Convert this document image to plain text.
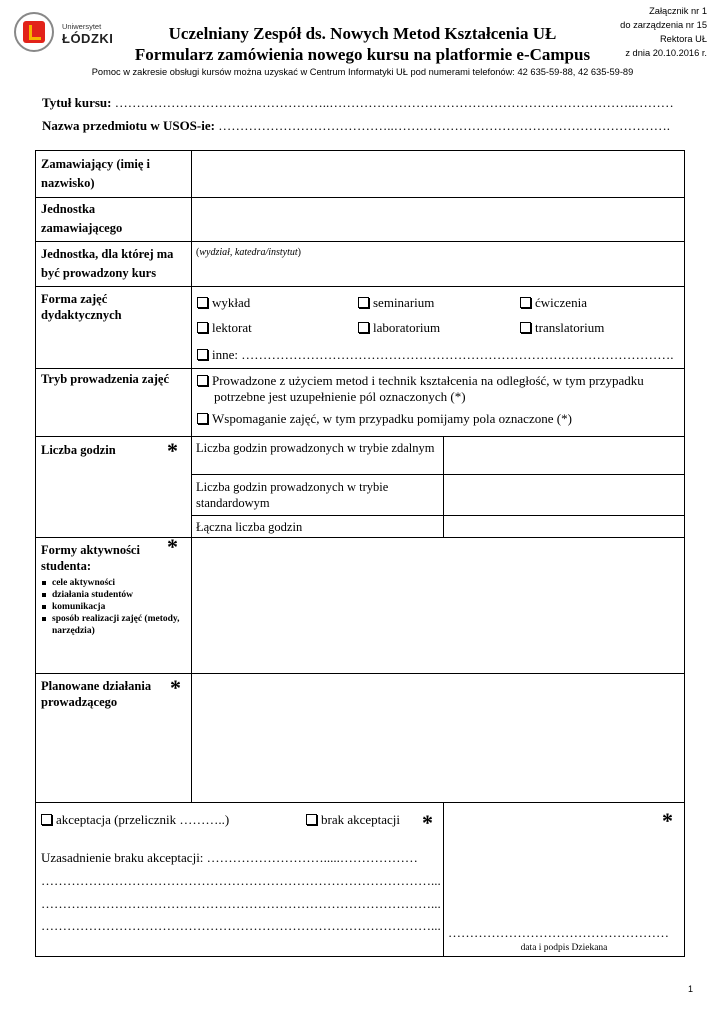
Uniwersytet
ŁÓDZKI
Załącznik nr 1
do zarządzenia nr 15
Rektora UŁ
z dnia 20.10.2016 r.
Uczelniany Zespół ds. Nowych Metod Kształcenia UŁ
Formularz zamówienia nowego kursu na platformie e-Campus
Pomoc w zakresie obsługi kursów można uzyskać w Centrum Informatyki UŁ pod numerami telefonów: 42 635-59-88, 42 635-59-89
Tytuł kursu: …………………………………………..……………………………………………………………..………
Nazwa przedmiotu w USOS-ie: …………………………………..……………………………………………………….
Zamawiający (imię i nazwisko)
Jednostka zamawiającego
Jednostka, dla której ma być prowadzony kurs
(wydział, katedra/instytut)
Forma zajęć dydaktycznych
wykład	seminarium	ćwiczenia
lektorat	laboratorium	translatorium
inne: ……………………………………………………………………………………….
Tryb prowadzenia zajęć	Prowadzone z użyciem metod i technik kształcenia na odległość, w tym przypadku
potrzebne jest uzupełnienie pól oznaczonych (*)
Wspomaganie zajęć, w tym przypadku pomijamy pola oznaczone (*)
Liczba godzin * Liczba godzin prowadzonych w trybie zdalnym
Liczba godzin prowadzonych w trybie standardowym
Łączna liczba godzin
Formy aktywności studenta:
*
cele aktywności
działania studentów
komunikacja
sposób realizacji zajęć (metody, narzędzia)
Planowane działania prowadzącego
*
akceptacja (przelicznik ………..)	brak akceptacji *	*
Uzasadnienie braku akceptacji: ……………………….....………………
………………………………………………………………………………...
………………………………………………………………………………...
………………………………………………………………………………... ……………………………………………
data i podpis Dziekana
1
